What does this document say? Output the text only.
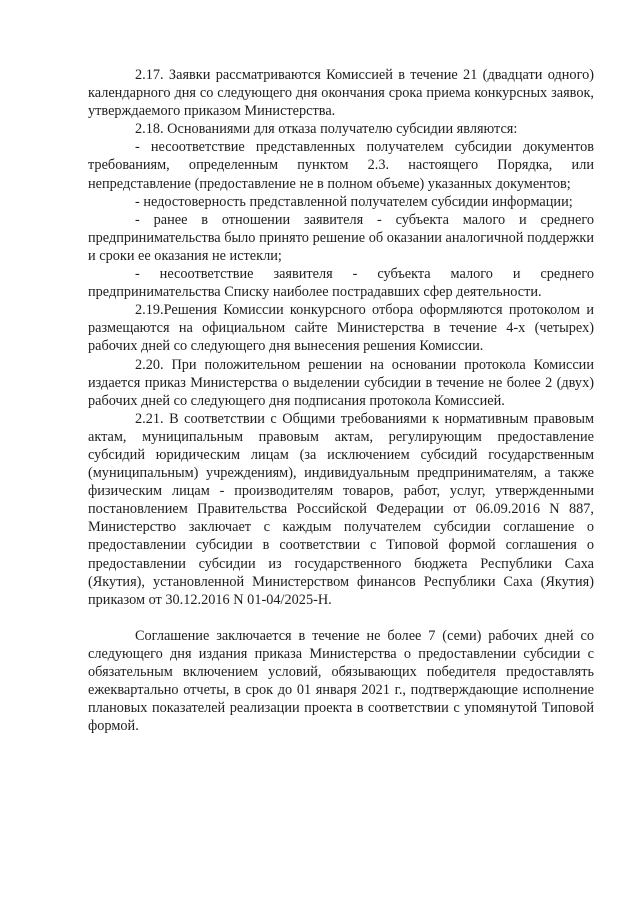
2.17. Заявки рассматриваются Комиссией в течение 21 (двадцати одного) календарного дня со следующего дня окончания срока приема конкурсных заявок, утверждаемого приказом Министерства.

2.18. Основаниями для отказа получателю субсидии являются:

- несоответствие представленных получателем субсидии документов требованиям, определенным пунктом 2.3. настоящего Порядка, или непредставление (предоставление не в полном объеме) указанных документов;

- недостоверность представленной получателем субсидии информации;

- ранее в отношении заявителя - субъекта малого и среднего предпринимательства было принято решение об оказании аналогичной поддержки и сроки ее оказания не истекли;

- несоответствие заявителя - субъекта малого и среднего предпринимательства Списку наиболее пострадавших сфер деятельности.

2.19.Решения Комиссии конкурсного отбора оформляются протоколом и размещаются на официальном сайте Министерства в течение 4-х (четырех) рабочих дней со следующего дня вынесения решения Комиссии.

2.20. При положительном решении на основании протокола Комиссии издается приказ Министерства о выделении субсидии в течение не более 2 (двух) рабочих дней со следующего дня подписания протокола Комиссией.

2.21. В соответствии с Общими требованиями к нормативным правовым актам, муниципальным правовым актам, регулирующим предоставление субсидий юридическим лицам (за исключением субсидий государственным (муниципальным) учреждениям), индивидуальным предпринимателям, а также физическим лицам - производителям товаров, работ, услуг, утвержденными постановлением Правительства Российской Федерации от 06.09.2016 N 887, Министерство заключает с каждым получателем субсидии соглашение о предоставлении субсидии в соответствии с Типовой формой соглашения о предоставлении субсидии из государственного бюджета Республики Саха (Якутия), установленной Министерством финансов Республики Саха (Якутия) приказом от 30.12.2016 N 01-04/2025-Н.

Соглашение заключается в течение не более 7 (семи) рабочих дней со следующего дня издания приказа Министерства о предоставлении субсидии с обязательным включением условий, обязывающих победителя предоставлять ежеквартально отчеты, в срок до 01 января 2021 г., подтверждающие исполнение плановых показателей реализации проекта в соответствии с упомянутой Типовой формой.
